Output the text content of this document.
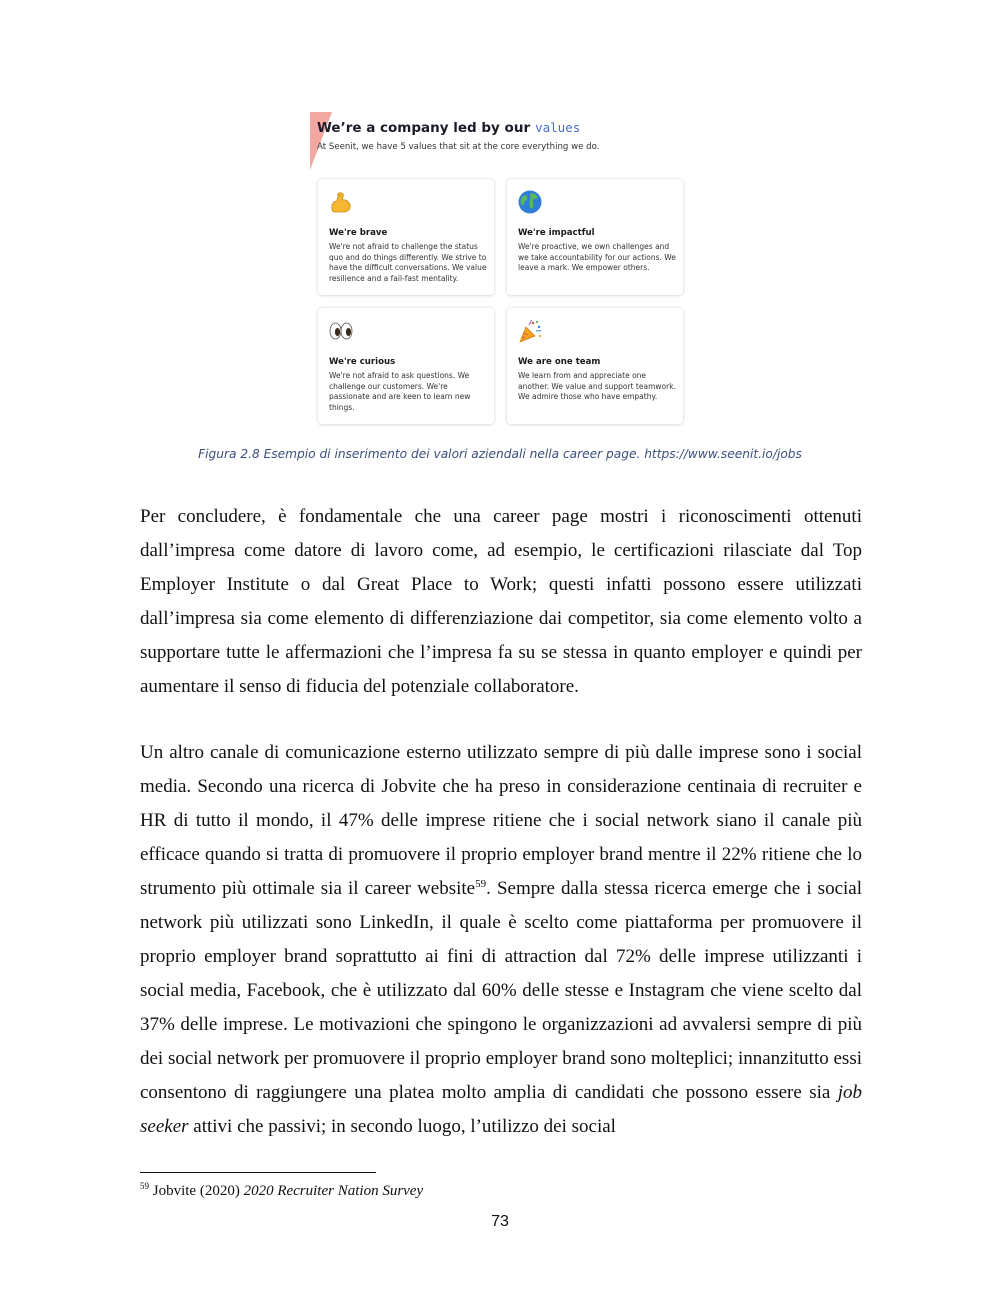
We’re a company led by our values
At Seenit, we have 5 values that sit at the core everything we do.
We're brave
We're not afraid to challenge the status quo and do things differently. We strive to have the difficult conversations. We value resilience and a fail-fast mentality.
We're impactful
We're proactive, we own challenges and we take accountability for our actions. We leave a mark. We empower others.
We're curious
We're not afraid to ask questions. We challenge our customers. We're passionate and are keen to learn new things.
We are one team
We learn from and appreciate one another. We value and support teamwork. We admire those who have empathy.
Figura 2.8 Esempio di inserimento dei valori aziendali nella career page. https://www.seenit.io/jobs

Per concludere, è fondamentale che una career page mostri i riconoscimenti ottenuti dall’impresa come datore di lavoro come, ad esempio, le certificazioni rilasciate dal Top Employer Institute o dal Great Place to Work; questi infatti possono essere utilizzati dall’impresa sia come elemento di differenziazione dai competitor, sia come elemento volto a supportare tutte le affermazioni che l’impresa fa su se stessa in quanto employer e quindi per aumentare il senso di fiducia del potenziale collaboratore.

Un altro canale di comunicazione esterno utilizzato sempre di più dalle imprese sono i social media. Secondo una ricerca di Jobvite che ha preso in considerazione centinaia di recruiter e HR di tutto il mondo, il 47% delle imprese ritiene che i social network siano il canale più efficace quando si tratta di promuovere il proprio employer brand mentre il 22% ritiene che lo strumento più ottimale sia il career website$^{59}$. Sempre dalla stessa ricerca emerge che i social network più utilizzati sono LinkedIn, il quale è scelto come piattaforma per promuovere il proprio employer brand soprattutto ai fini di attraction dal 72% delle imprese utilizzanti i social media, Facebook, che è utilizzato dal 60% delle stesse e Instagram che viene scelto dal 37% delle imprese. Le motivazioni che spingono le organizzazioni ad avvalersi sempre di più dei social network per promuovere il proprio employer brand sono molteplici; innanzitutto essi consentono di raggiungere una platea molto amplia di candidati che possono essere sia job seeker attivi che passivi; in secondo luogo, l’utilizzo dei social

$^{59}$ Jobvite (2020) 2020 Recruiter Nation Survey
73
